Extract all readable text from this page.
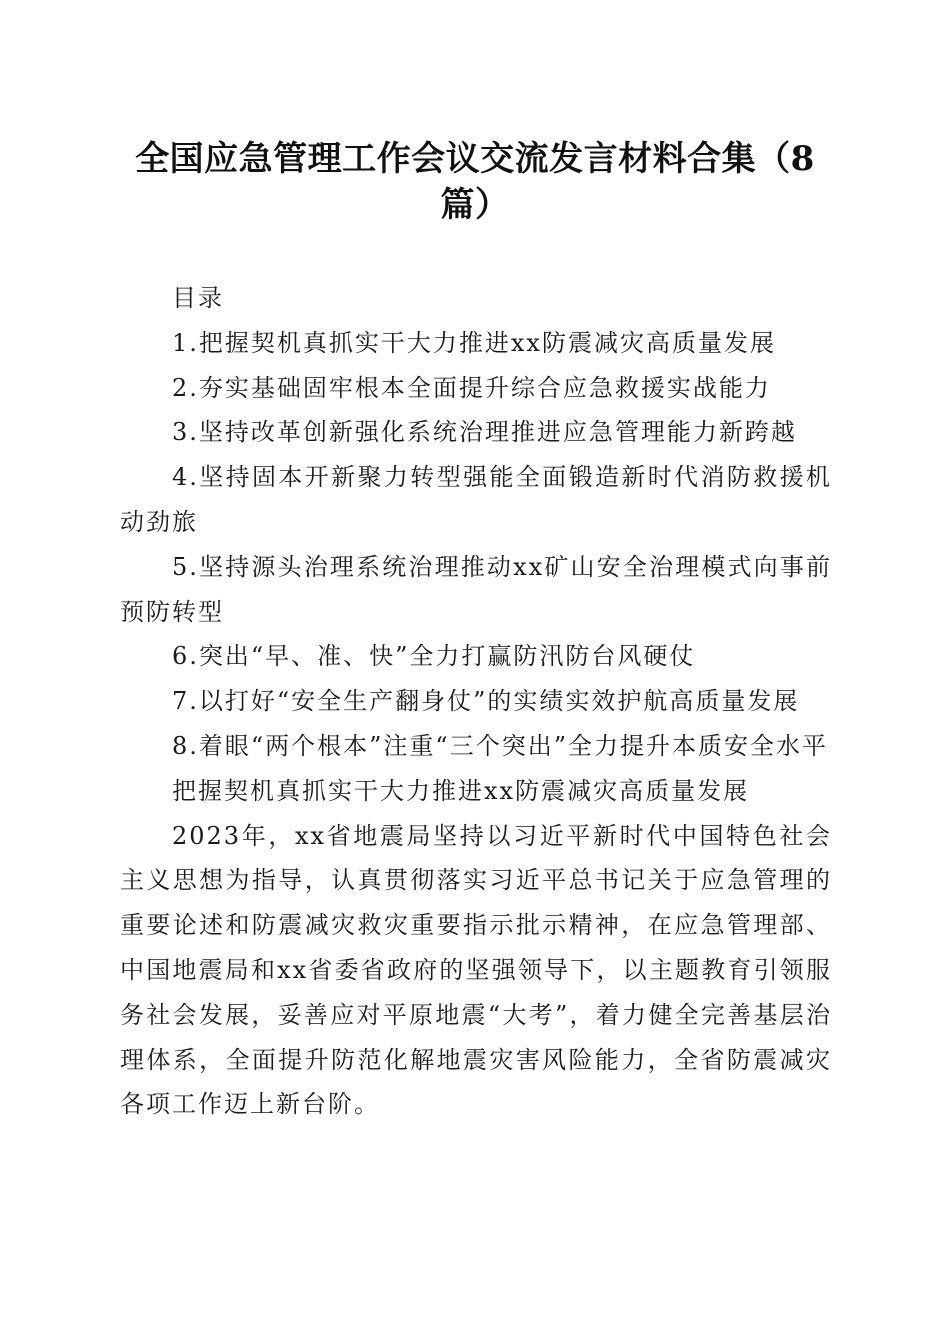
全国应急管理工作会议交流发言材料合集（8篇）

目录

1.把握契机真抓实干大力推进xx防震减灾高质量发展

2.夯实基础固牢根本全面提升综合应急救援实战能力

3.坚持改革创新强化系统治理推进应急管理能力新跨越

4.坚持固本开新聚力转型强能全面锻造新时代消防救援机动劲旅

5.坚持源头治理系统治理推动xx矿山安全治理模式向事前预防转型

6.突出“早、准、快”全力打赢防汛防台风硬仗

7.以打好“安全生产翻身仗”的实绩实效护航高质量发展

8.着眼“两个根本”注重“三个突出”全力提升本质安全水平

把握契机真抓实干大力推进xx防震减灾高质量发展

2023年，xx省地震局坚持以习近平新时代中国特色社会主义思想为指导，认真贯彻落实习近平总书记关于应急管理的重要论述和防震减灾救灾重要指示批示精神，在应急管理部、中国地震局和xx省委省政府的坚强领导下，以主题教育引领服务社会发展，妥善应对平原地震“大考”，着力健全完善基层治理体系，全面提升防范化解地震灾害风险能力，全省防震减灾各项工作迈上新台阶。
